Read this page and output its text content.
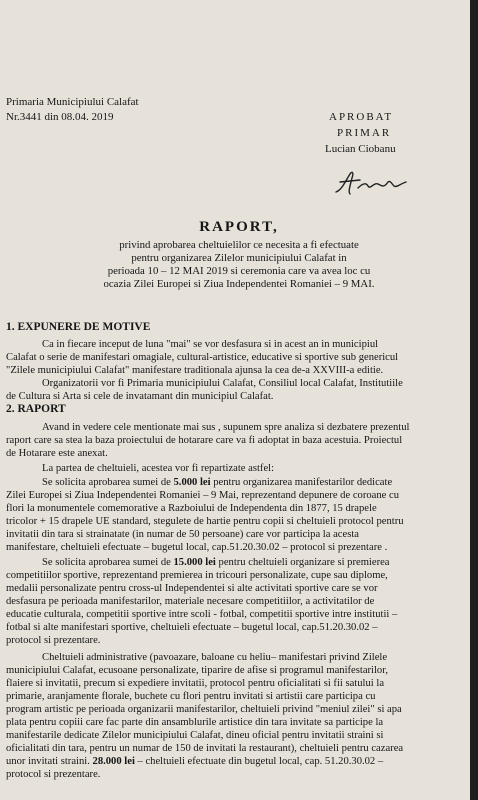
Primaria Municipiului Calafat
Nr.3441 din 08.04. 2019	APROBAT
PRIMAR
Lucian Ciobanu
RAPORT,
privind aprobarea cheltuielilor ce necesita a fi efectuate
pentru organizarea Zilelor municipiului Calafat in
perioada 10 – 12 MAI 2019 si ceremonia care va avea loc cu
ocazia Zilei Europei si Ziua Independentei Romaniei – 9 MAI.
1. EXPUNERE DE MOTIVE
Ca in fiecare inceput de luna "mai" se vor desfasura si in acest an in municipiul
Calafat o serie de manifestari omagiale, cultural-artistice, educative si sportive sub genericul
"Zilele municipiului Calafat" manifestare traditionala ajunsa la cea de-a XXVIII-a editie.
Organizatorii vor fi Primaria municipiului Calafat, Consiliul local Calafat, Institutiile
de Cultura si Arta si cele de invatamant din municipiul Calafat.
2. RAPORT
Avand in vedere cele mentionate mai sus , supunem spre analiza si dezbatere prezentul
raport care sa stea la baza proiectului de hotarare care va fi adoptat in baza acestuia. Proiectul
de Hotarare este anexat.
La partea de cheltuieli, acestea vor fi repartizate astfel:
Se solicita aprobarea sumei de 5.000 lei pentru organizarea manifestarilor dedicate
Zilei Europei si Ziua Independentei Romaniei – 9 Mai, reprezentand depunere de coroane cu
flori la monumentele comemorative a Razboiului de Independenta din 1877, 15 drapele
tricolor + 15 drapele UE standard, stegulete de hartie pentru copii si cheltuieli protocol pentru
invitatii din tara si strainatate (in numar de 50 persoane) care vor participa la acesta
manifestare, cheltuieli efectuate – bugetul local, cap.51.20.30.02 – protocol si prezentare .
Se solicita aprobarea sumei de 15.000 lei pentru cheltuieli organizare si premierea
competitiilor sportive, reprezentand premierea in tricouri personalizate, cupe sau diplome,
medalii personalizate pentru cross-ul Independentei si alte activitati sportive care se vor
desfasura pe perioada manifestarilor, materiale necesare competitiilor, a activitatilor de
educatie culturala, competitii sportive intre scoli - fotbal, competitii sportive intre institutii –
fotbal si alte manifestari sportive, cheltuieli efectuate – bugetul local, cap.51.20.30.02 –
protocol si prezentare.
Cheltuieli administrative (pavoazare, baloane cu heliu– manifestari privind Zilele
municipiului Calafat, ecusoane personalizate, tiparire de afise si programul manifestarilor,
flaiere si invitatii, precum si expediere invitatii, protocol pentru oficialitati si fii satului la
primarie, aranjamente florale, buchete cu flori pentru invitati si artistii care participa cu
program artistic pe perioada organizarii manifestarilor, cheltuieli privind "meniul zilei" si apa
plata pentru copiii care fac parte din ansamblurile artistice din tara invitate sa participe la
manifestarile dedicate Zilelor municipiului Calafat, dineu oficial pentru invitatii straini si
oficialitati din tara, pentru un numar de 150 de invitati la restaurant), cheltuieli pentru cazarea
unor invitati straini. 28.000 lei – cheltuieli efectuate din bugetul local, cap. 51.20.30.02 –
protocol si prezentare.
